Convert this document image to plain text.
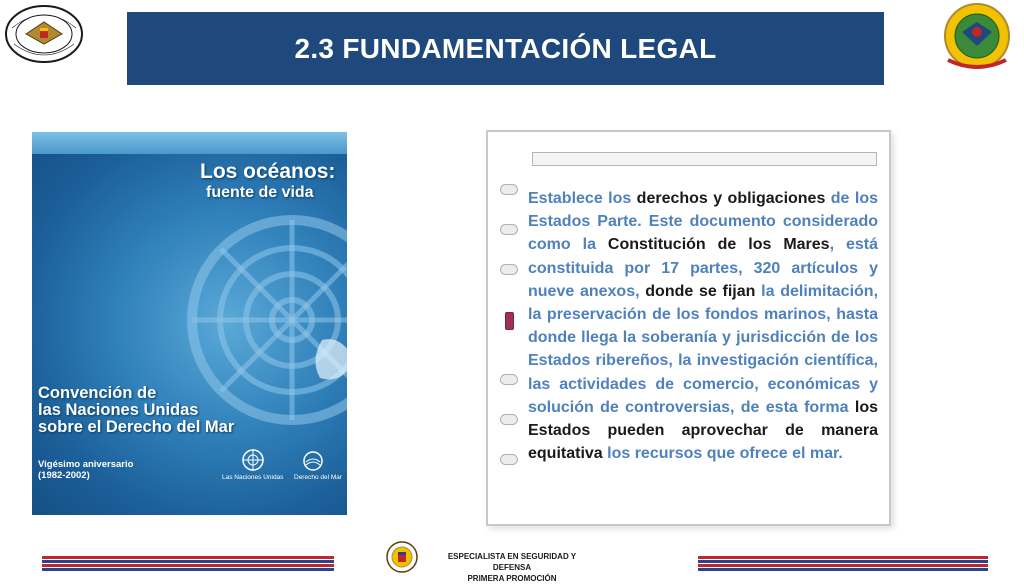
2.3 FUNDAMENTACIÓN LEGAL
Los océanos:
fuente de vida
Convención de
las Naciones Unidas
sobre el Derecho del Mar
Vigésimo aniversario
(1982-2002)	Las Naciones Unidas Derecho del Mar

Establece los derechos y obligaciones de los Estados Parte. Este documento considerado como la Constitución de los Mares, está constituida por 17 partes, 320 artículos y nueve anexos, donde se fijan la delimitación, la preservación de los fondos marinos, hasta donde llega la soberanía y jurisdicción de los Estados ribereños, la investigación científica, las actividades de comercio, económicas y solución de controversias, de esta forma los Estados pueden aprovechar de manera equitativa los recursos que ofrece el mar.

ESPECIALISTA EN SEGURIDAD Y DEFENSA
PRIMERA PROMOCIÓN
